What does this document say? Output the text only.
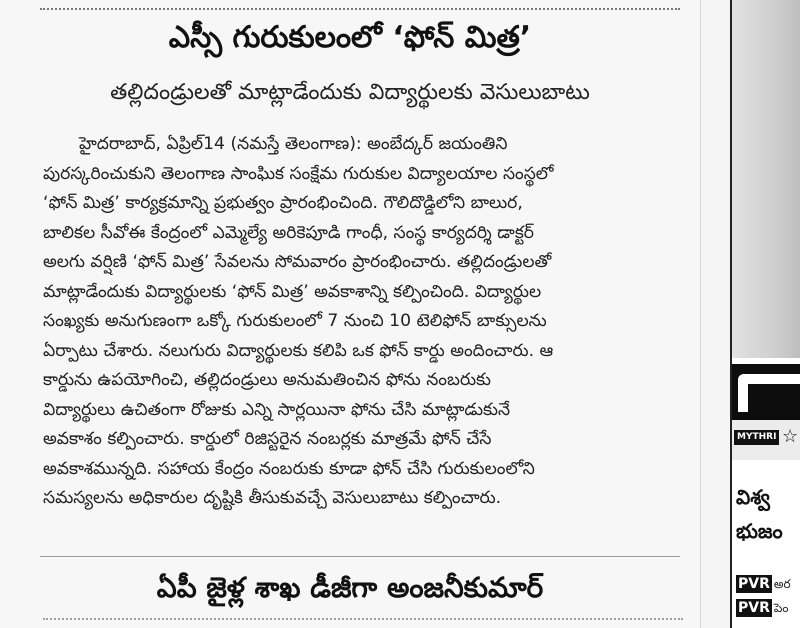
ఎస్సీ గురుకులంలో ‘ఫోన్‌ మిత్ర’
తల్లిదండ్రులతో మాట్లాడేందుకు విద్యార్థులకు వెసులుబాటు
హైదరాబాద్‌, ఏప్రిల్‌14 (నమస్తే తెలంగాణ): అంబేద్కర్‌ జయంతిని
పురస్కరించుకుని తెలంగాణ సాంఘిక సంక్షేమ గురుకుల విద్యాలయాల సంస్థలో
‘ఫోన్‌ మిత్ర’ కార్యక్రమాన్ని ప్రభుత్వం ప్రారంభించింది. గౌలిదొడ్డిలోని బాలుర,
బాలికల సీవోఈ కేంద్రంలో ఎమ్మెల్యే అరికెపూడి గాంధీ, సంస్థ కార్యదర్శి డాక్టర్‌
అలగు వర్షిణి ‘ఫోన్‌ మిత్ర’ సేవలను సోమవారం ప్రారంభించారు. తల్లిదండ్రులతో
మాట్లాడేందుకు విద్యార్థులకు ‘ఫోన్‌ మిత్ర’ అవకాశాన్ని కల్పించింది. విద్యార్థుల
సంఖ్యకు అనుగుణంగా ఒక్కో గురుకులంలో 7 నుంచి 10 టెలిఫోన్‌ బాక్సులను
ఏర్పాటు చేశారు. నలుగురు విద్యార్థులకు కలిపి ఒక ఫోన్‌ కార్డు అందించారు. ఆ
కార్డును ఉపయోగించి, తల్లిదండ్రులు అనుమతించిన ఫోను నంబరుకు
విద్యార్థులు ఉచితంగా రోజుకు ఎన్ని సార్లయినా ఫోను చేసి మాట్లాడుకునే
అవకాశం కల్పించారు. కార్డులో రిజిస్టరైన నంబర్లకు మాత్రమే ఫోన్‌ చేసే
అవకాశమున్నది. సహాయ కేంద్రం నంబరుకు కూడా ఫోన్‌ చేసి గురుకులంలోని
సమస్యలను అధికారుల దృష్టికి తీసుకువచ్చే వెసులుబాటు కల్పించారు.
ఏపీ జైళ్ల శాఖ డీజీగా అంజనీకుమార్‌
MYTHRI ☆
విశ్వ
భుజం
PVR అర
PVR పెం
